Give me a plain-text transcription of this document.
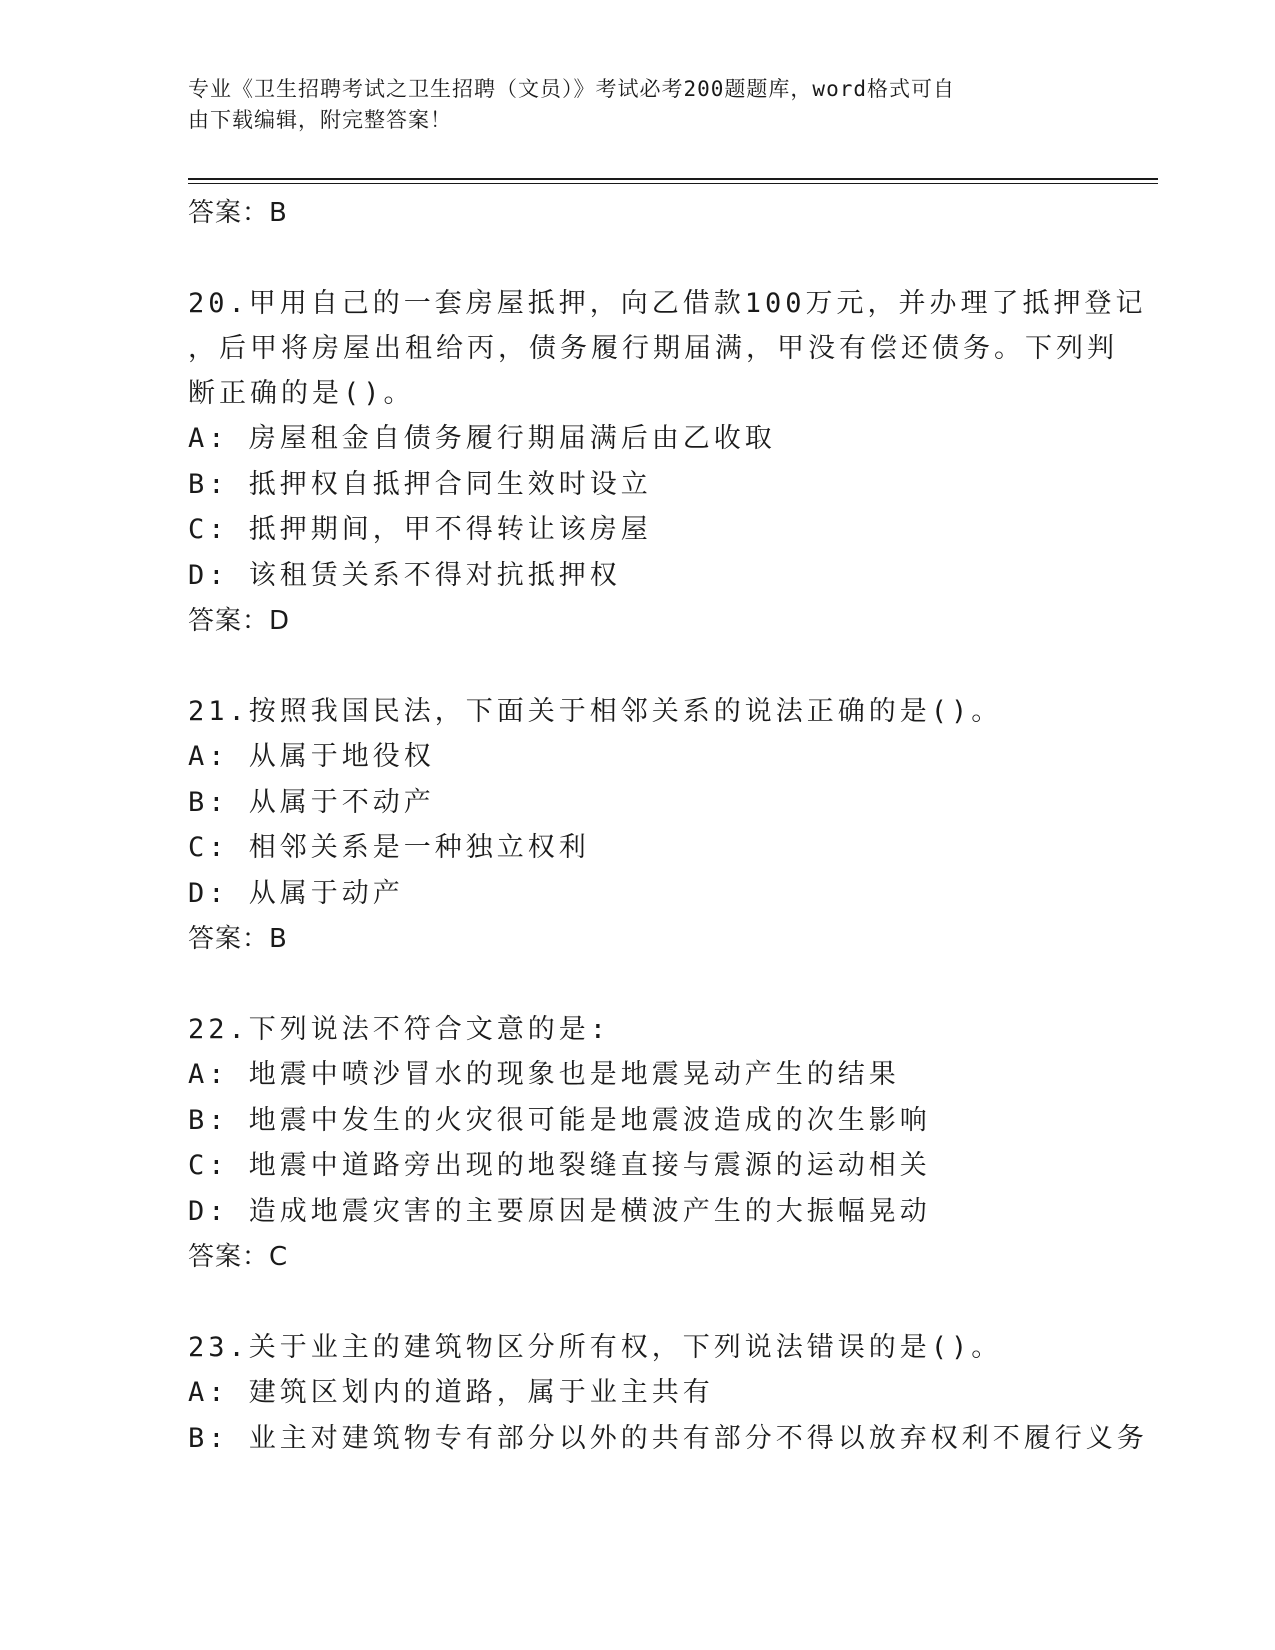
专业《卫生招聘考试之卫生招聘（文员）》考试必考200题题库，word格式可自
由下载编辑，附完整答案！
答案：B
20.甲用自己的一套房屋抵押，向乙借款100万元，并办理了抵押登记
，后甲将房屋出租给丙，债务履行期届满，甲没有偿还债务。下列判
断正确的是()。
A: 房屋租金自债务履行期届满后由乙收取
B: 抵押权自抵押合同生效时设立
C: 抵押期间，甲不得转让该房屋
D: 该租赁关系不得对抗抵押权
答案：D
21.按照我国民法，下面关于相邻关系的说法正确的是()。
A: 从属于地役权
B: 从属于不动产
C: 相邻关系是一种独立权利
D: 从属于动产
答案：B
22.下列说法不符合文意的是:
A: 地震中喷沙冒水的现象也是地震晃动产生的结果
B: 地震中发生的火灾很可能是地震波造成的次生影响
C: 地震中道路旁出现的地裂缝直接与震源的运动相关
D: 造成地震灾害的主要原因是横波产生的大振幅晃动
答案：C
23.关于业主的建筑物区分所有权，下列说法错误的是()。
A: 建筑区划内的道路，属于业主共有
B: 业主对建筑物专有部分以外的共有部分不得以放弃权利不履行义务
